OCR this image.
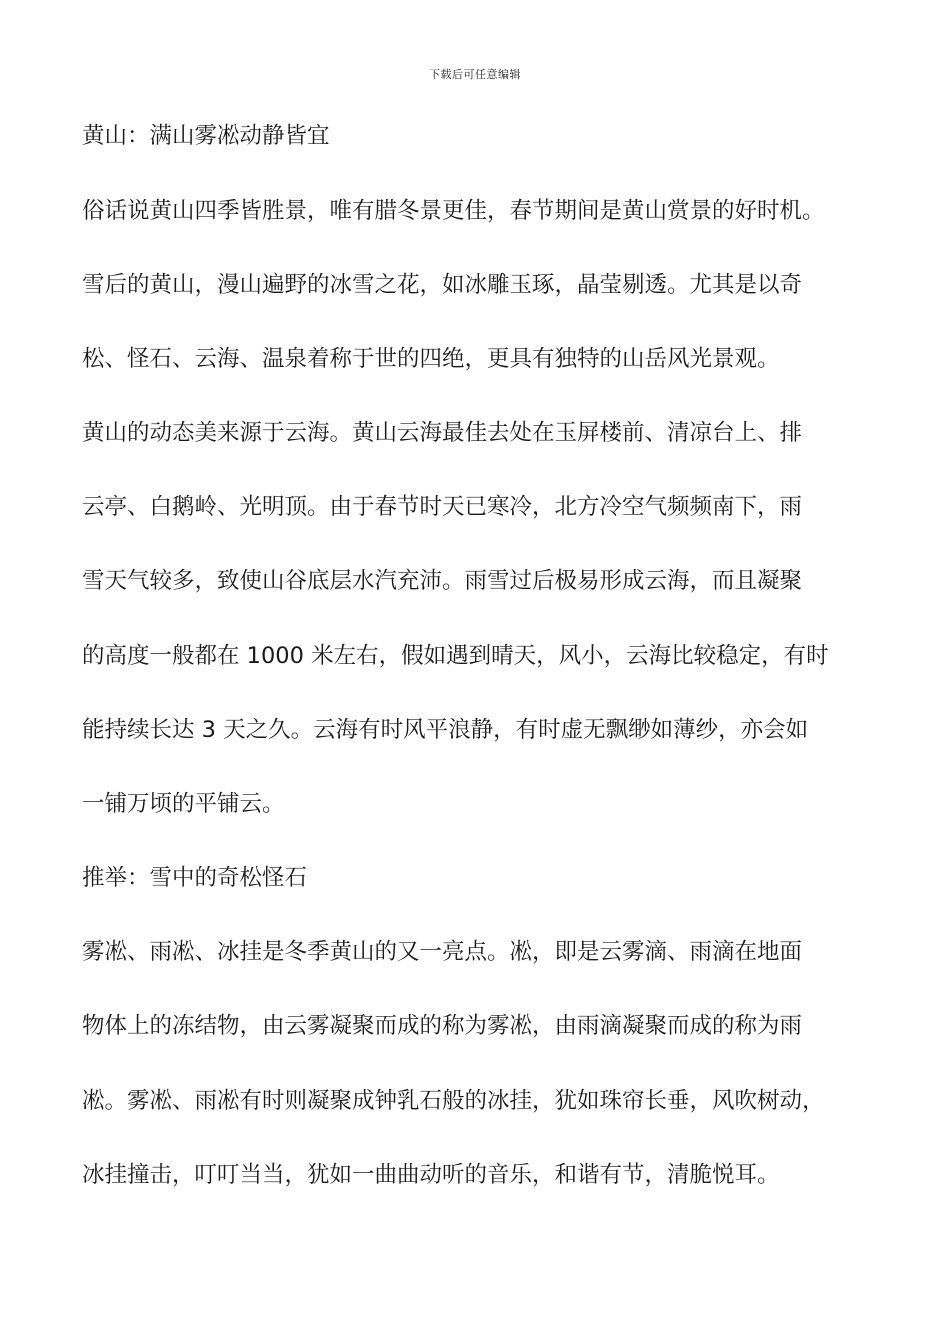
下载后可任意编辑
黄山：满山雾凇动静皆宜
俗话说黄山四季皆胜景，唯有腊冬景更佳，春节期间是黄山赏景的好时机。
雪后的黄山，漫山遍野的冰雪之花，如冰雕玉琢，晶莹剔透。尤其是以奇
松、怪石、云海、温泉着称于世的四绝，更具有独特的山岳风光景观。
黄山的动态美来源于云海。黄山云海最佳去处在玉屏楼前、清凉台上、排
云亭、白鹅岭、光明顶。由于春节时天已寒冷，北方冷空气频频南下，雨
雪天气较多，致使山谷底层水汽充沛。雨雪过后极易形成云海，而且凝聚
的高度一般都在 1000 米左右，假如遇到晴天，风小，云海比较稳定，有时
能持续长达 3 天之久。云海有时风平浪静，有时虚无飘缈如薄纱，亦会如
一铺万顷的平铺云。
推举：雪中的奇松怪石
雾凇、雨凇、冰挂是冬季黄山的又一亮点。凇，即是云雾滴、雨滴在地面
物体上的冻结物，由云雾凝聚而成的称为雾凇，由雨滴凝聚而成的称为雨
凇。雾凇、雨凇有时则凝聚成钟乳石般的冰挂，犹如珠帘长垂，风吹树动，
冰挂撞击，叮叮当当，犹如一曲曲动听的音乐，和谐有节，清脆悦耳。
